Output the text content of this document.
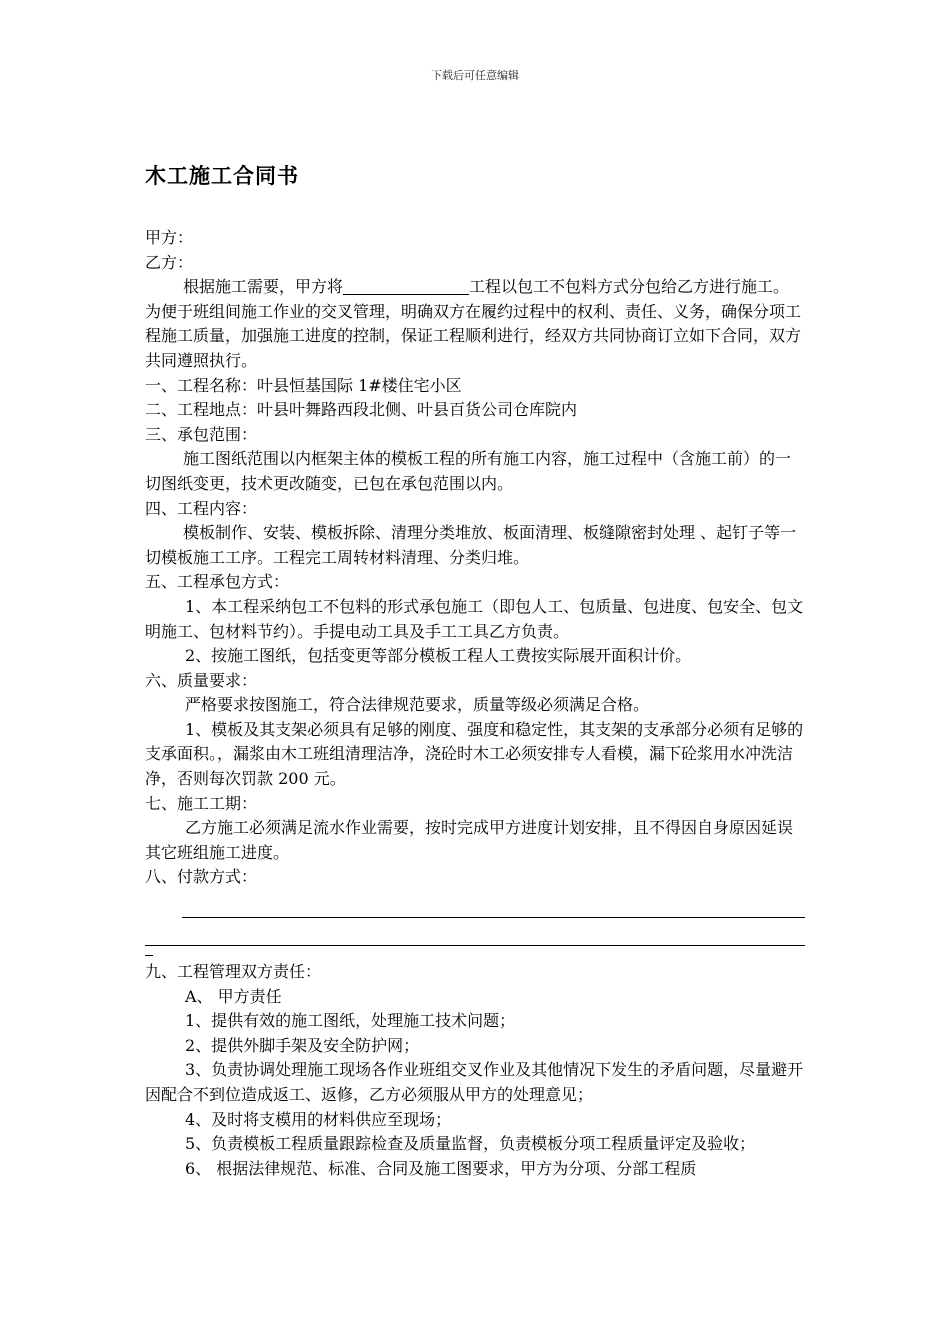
下载后可任意编辑
木工施工合同书

甲方：

乙方：

根据施工需要，甲方将	工程以包工不包料方式分包给乙方进行施工。为便于班组间施工作业的交叉管理，明确双方在履约过程中的权利、责任、义务，确保分项工程施工质量，加强施工进度的控制，保证工程顺利进行，经双方共同协商订立如下合同，双方共同遵照执行。

一、工程名称：叶县恒基国际 1#楼住宅小区

二、工程地点：叶县叶舞路西段北侧、叶县百货公司仓库院内

三、承包范围：

施工图纸范围以内框架主体的模板工程的所有施工内容，施工过程中（含施工前）的一切图纸变更，技术更改随变，已包在承包范围以内。

四、工程内容：

模板制作、安装、模板拆除、清理分类堆放、板面清理、板缝隙密封处理 、起钉子等一切模板施工工序。工程完工周转材料清理、分类归堆。

五、工程承包方式：

1、本工程采纳包工不包料的形式承包施工（即包人工、包质量、包进度、包安全、包文明施工、包材料节约）。手提电动工具及手工工具乙方负责。

2、按施工图纸，包括变更等部分模板工程人工费按实际展开面积计价。

六、质量要求：

严格要求按图施工，符合法律规范要求，质量等级必须满足合格。

1、模板及其支架必须具有足够的刚度、强度和稳定性，其支架的支承部分必须有足够的支承面积。，漏浆由木工班组清理洁净，浇砼时木工必须安排专人看模，漏下砼浆用水冲洗洁净，否则每次罚款 200 元。

七、施工工期：

乙方施工必须满足流水作业需要，按时完成甲方进度计划安排，且不得因自身原因延误其它班组施工进度。

八、付款方式：

九、工程管理双方责任：

A、 甲方责任

1、提供有效的施工图纸，处理施工技术问题；

2、提供外脚手架及安全防护网；

3、负责协调处理施工现场各作业班组交叉作业及其他情况下发生的矛盾问题，尽量避开因配合不到位造成返工、返修，乙方必须服从甲方的处理意见；

4、及时将支模用的材料供应至现场；

5、负责模板工程质量跟踪检查及质量监督，负责模板分项工程质量评定及验收；

6、 根据法律规范、标准、合同及施工图要求，甲方为分项、分部工程质
